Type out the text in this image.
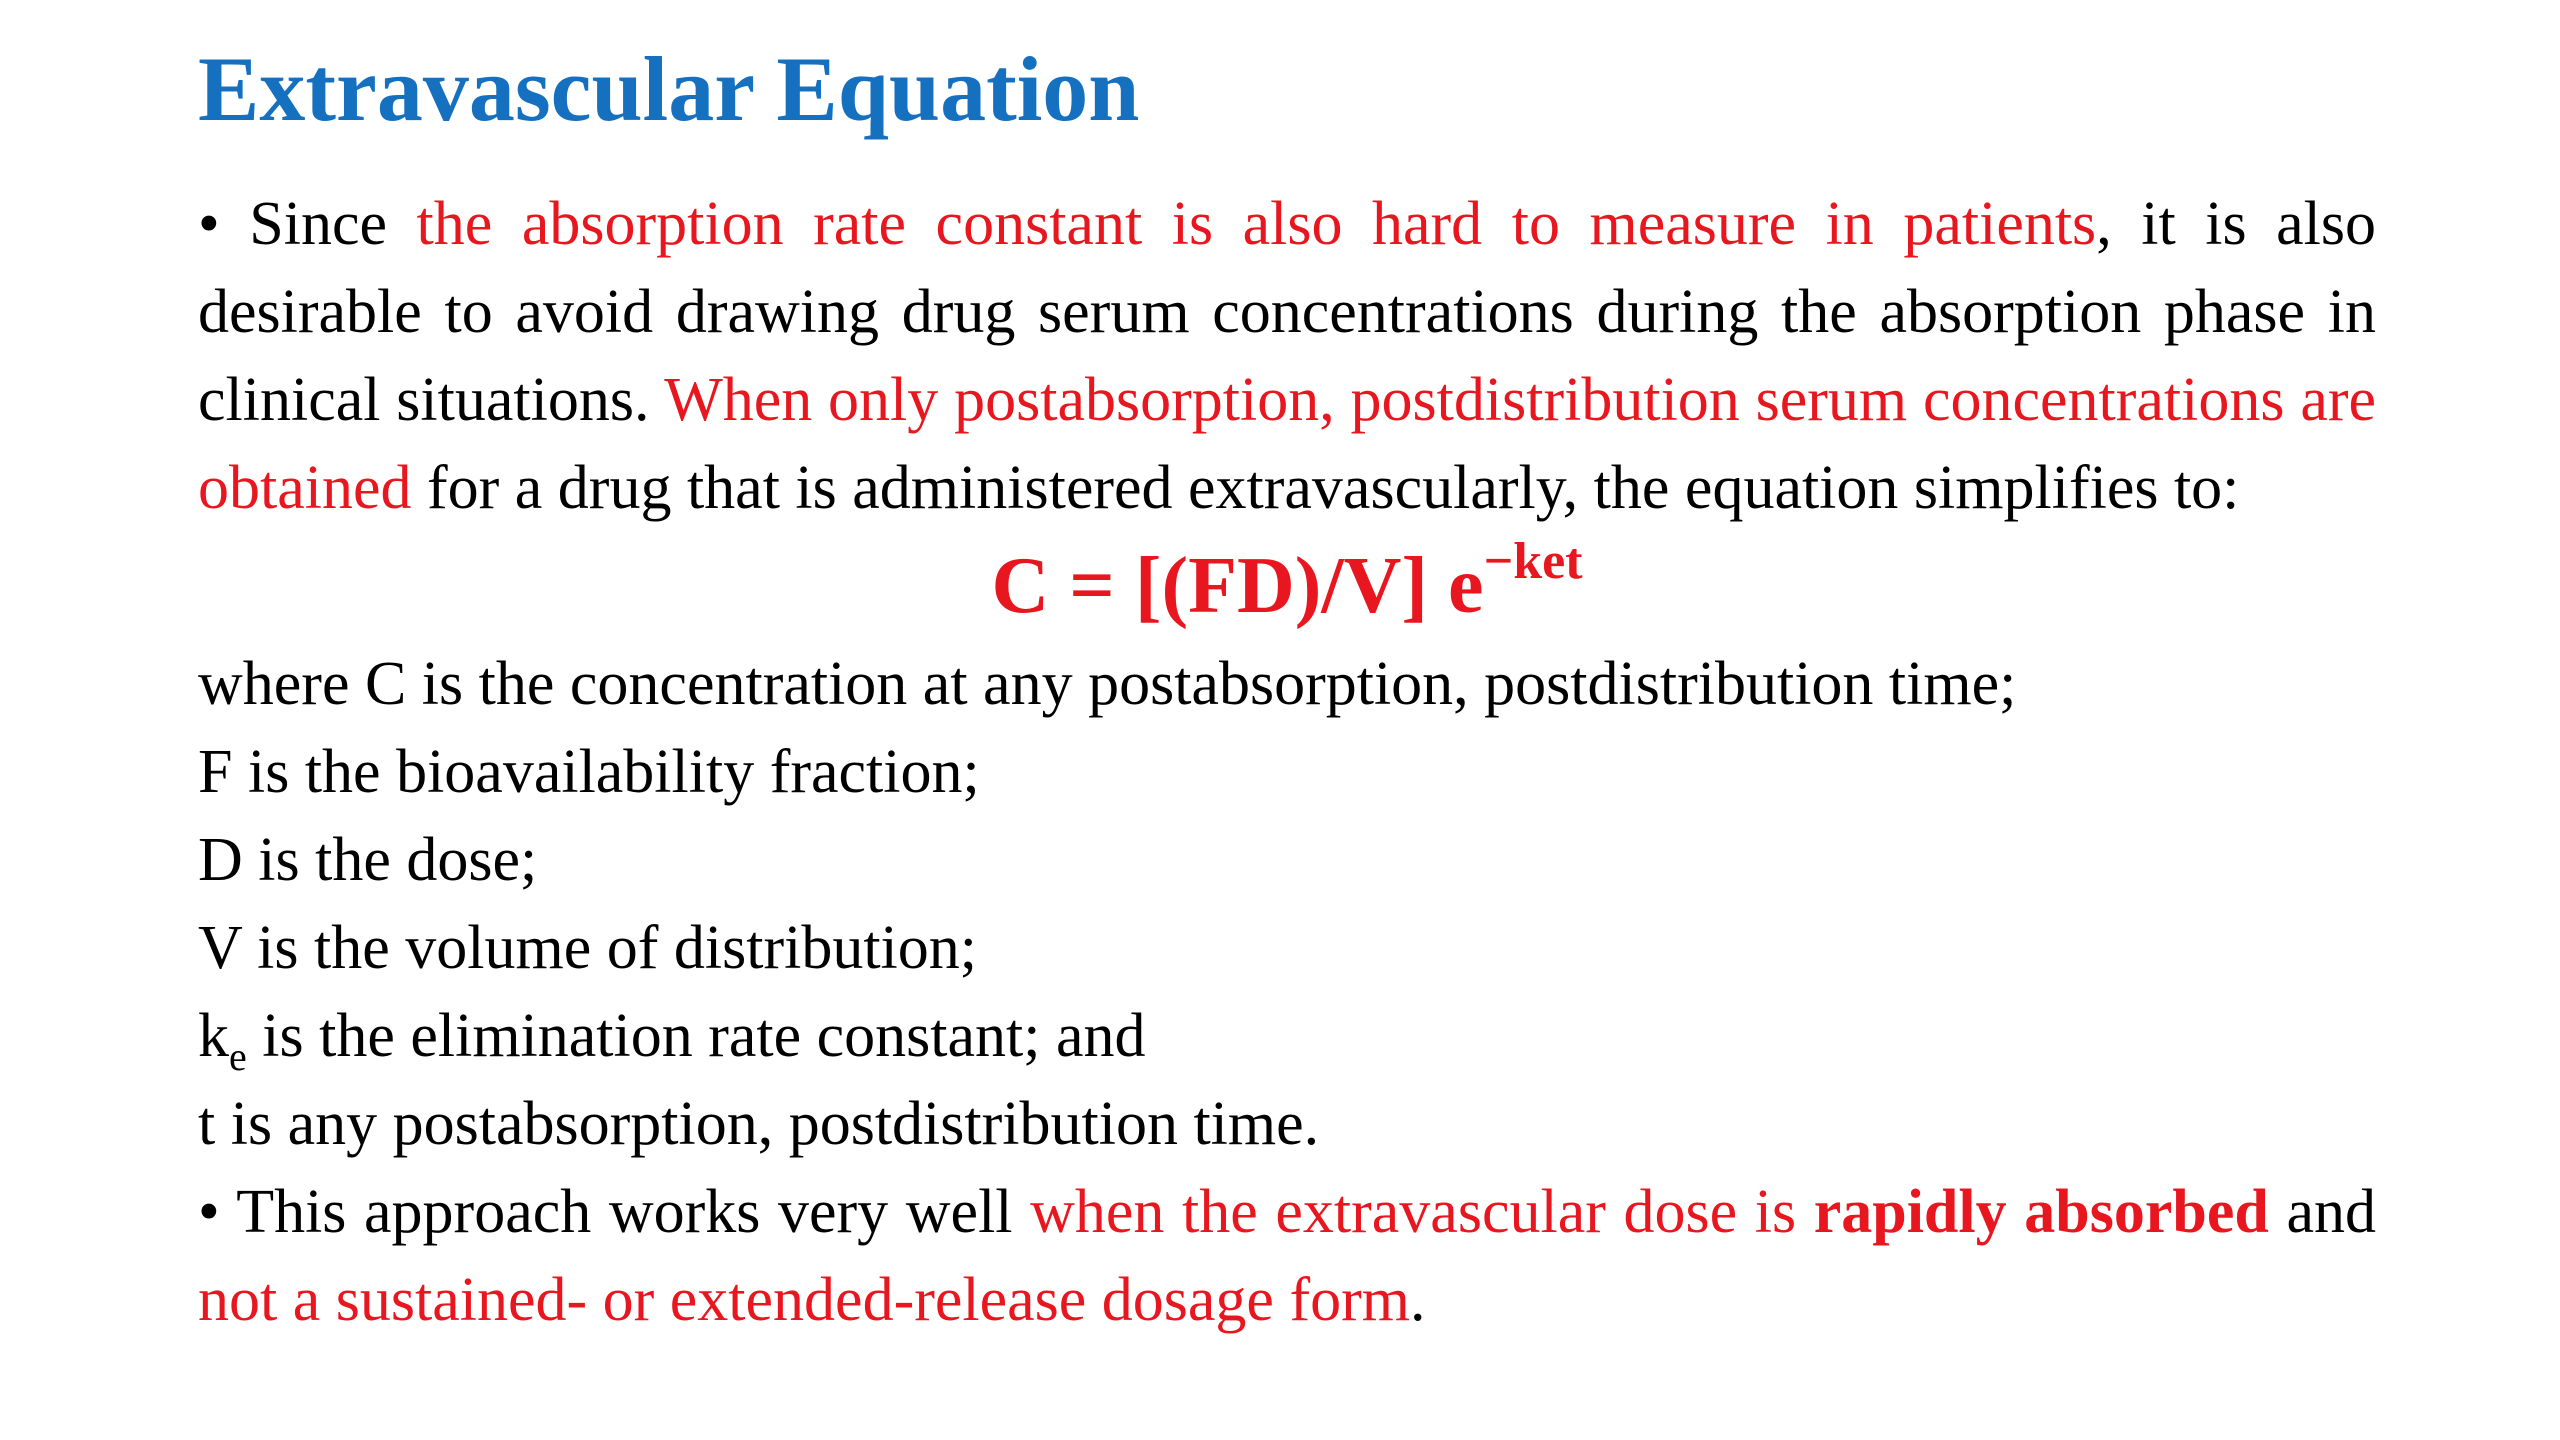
Extravascular Equation

• Since the absorption rate constant is also hard to measure in patients, it is also desirable to avoid drawing drug serum concentrations during the absorption phase in clinical situations. When only postabsorption, postdistribution serum concentrations are obtained for a drug that is administered extravascularly, the equation simplifies to:

C = [(FD)/V] $e^{-ket}$

where C is the concentration at any postabsorption, postdistribution time;

F is the bioavailability fraction;

D is the dose;

V is the volume of distribution;

$k_e$ is the elimination rate constant; and

t is any postabsorption, postdistribution time.

• This approach works very well when the extravascular dose is rapidly absorbed and not a sustained- or extended-release dosage form.
